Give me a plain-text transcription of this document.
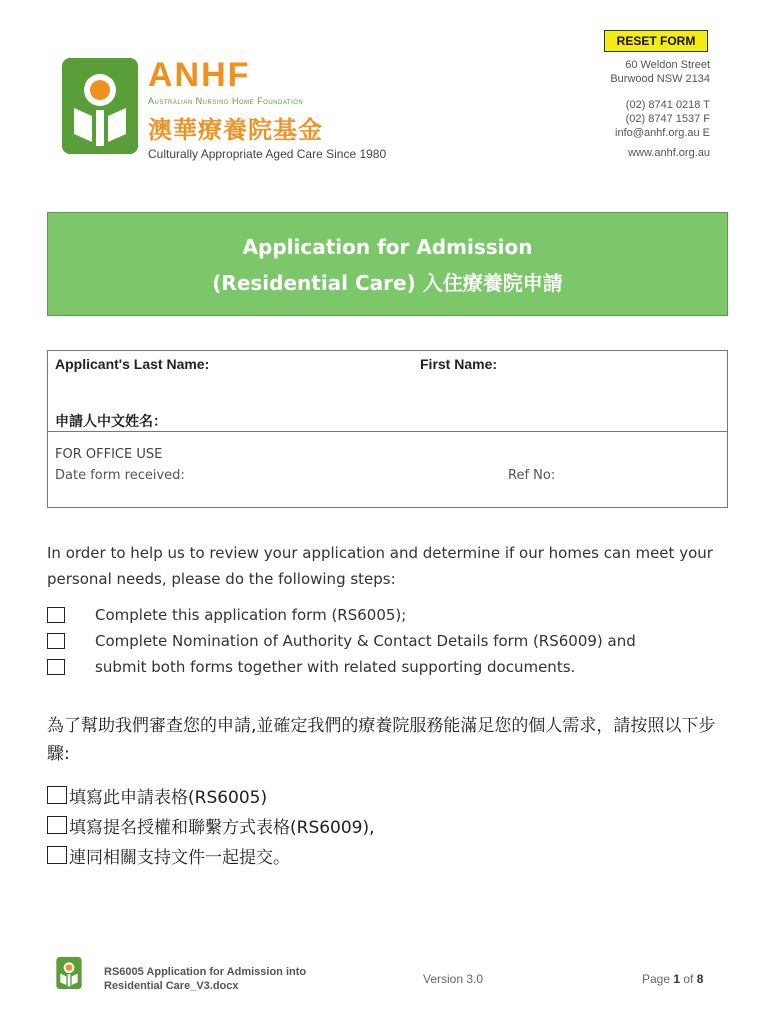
RESET FORM
ANHF
Australian Nursing Home Foundation
澳華療養院基金
Culturally Appropriate Aged Care Since 1980
60 Weldon Street
Burwood NSW 2134
(02) 8741 0218 T
(02) 8747 1537 F
info@anhf.org.au E
www.anhf.org.au
Application for Admission
(Residential Care) 入住療養院申請
Applicant's Last Name:	First Name:
申請人中文姓名：
FOR OFFICE USE
Date form received:	Ref No:
In order to help us to review your application and determine if our homes can meet your personal needs, please do the following steps:
Complete this application form (RS6005);
Complete Nomination of Authority & Contact Details form (RS6009) and
submit both forms together with related supporting documents.
為了幫助我們審查您的申請,並確定我們的療養院服務能滿足您的個人需求，請按照以下步驟:
填寫此申請表格(RS6005)
填寫提名授權和聯繫方式表格(RS6009),
連同相關支持文件一起提交。
RS6005 Application for Admission into Residential Care_V3.docx	Version 3.0	Page 1 of 8
